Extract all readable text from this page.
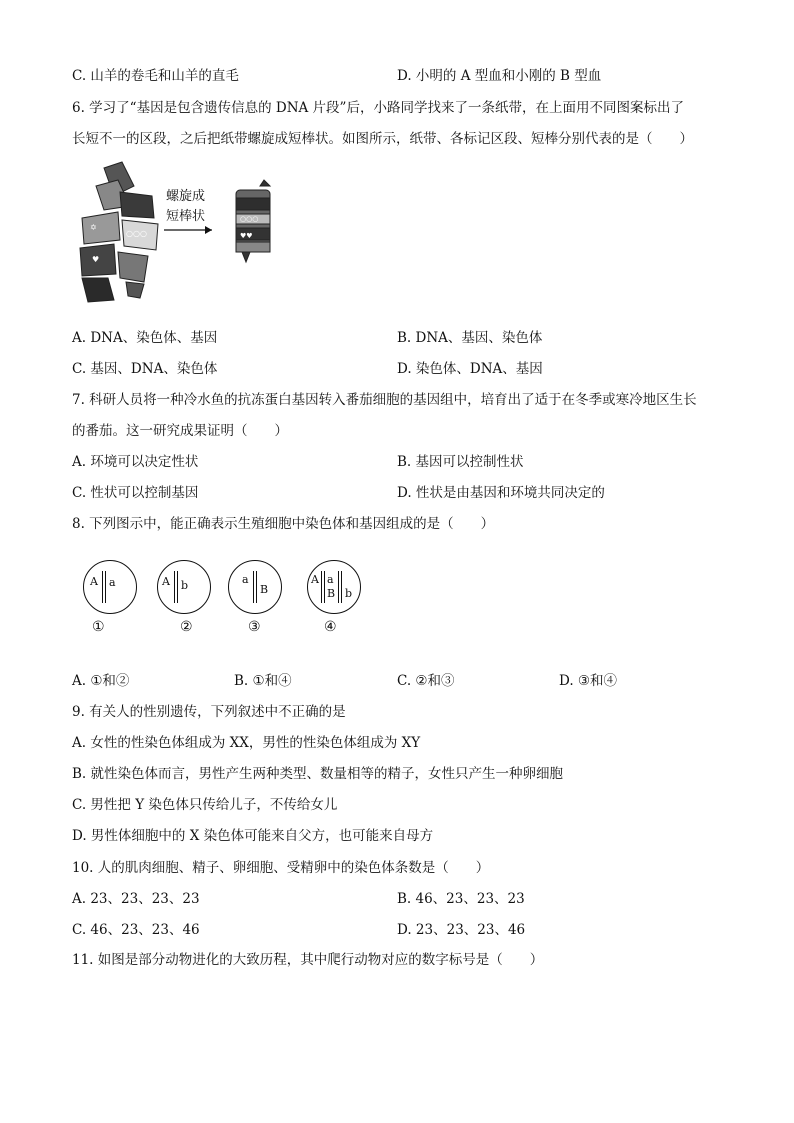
C. 山羊的卷毛和山羊的直毛	D. 小明的 A 型血和小刚的 B 型血
6. 学习了“基因是包含遗传信息的 DNA 片段”后，小路同学找来了一条纸带，在上面用不同图案标出了
长短不一的区段，之后把纸带螺旋成短棒状。如图所示，纸带、各标记区段、短棒分别代表的是（　　）
○○○
✡
♥
螺旋成
短棒状	○○○
♥♥
A. DNA、染色体、基因	B. DNA、基因、染色体
C. 基因、DNA、染色体	D. 染色体、DNA、基因
7. 科研人员将一种冷水鱼的抗冻蛋白基因转入番茄细胞的基因组中，培育出了适于在冬季或寒冷地区生长
的番茄。这一研究成果证明（　　）
A. 环境可以决定性状	B. 基因可以控制性状
C. 性状可以控制基因	D. 性状是由基因和环境共同决定的
8. 下列图示中，能正确表示生殖细胞中染色体和基因组成的是（　　）
A a
①
A b
②
a
B
③
A a
B b
④
A. ①和②	B. ①和④	C. ②和③	D. ③和④
9. 有关人的性别遗传，下列叙述中不正确的是
A. 女性的性染色体组成为 XX，男性的性染色体组成为 XY
B. 就性染色体而言，男性产生两种类型、数量相等的精子，女性只产生一种卵细胞
C. 男性把 Y 染色体只传给儿子，不传给女儿
D. 男性体细胞中的 X 染色体可能来自父方，也可能来自母方
10. 人的肌肉细胞、精子、卵细胞、受精卵中的染色体条数是（　　）
A. 23、23、23、23	B. 46、23、23、23
C. 46、23、23、46	D. 23、23、23、46
11. 如图是部分动物进化的大致历程，其中爬行动物对应的数字标号是（　　）
